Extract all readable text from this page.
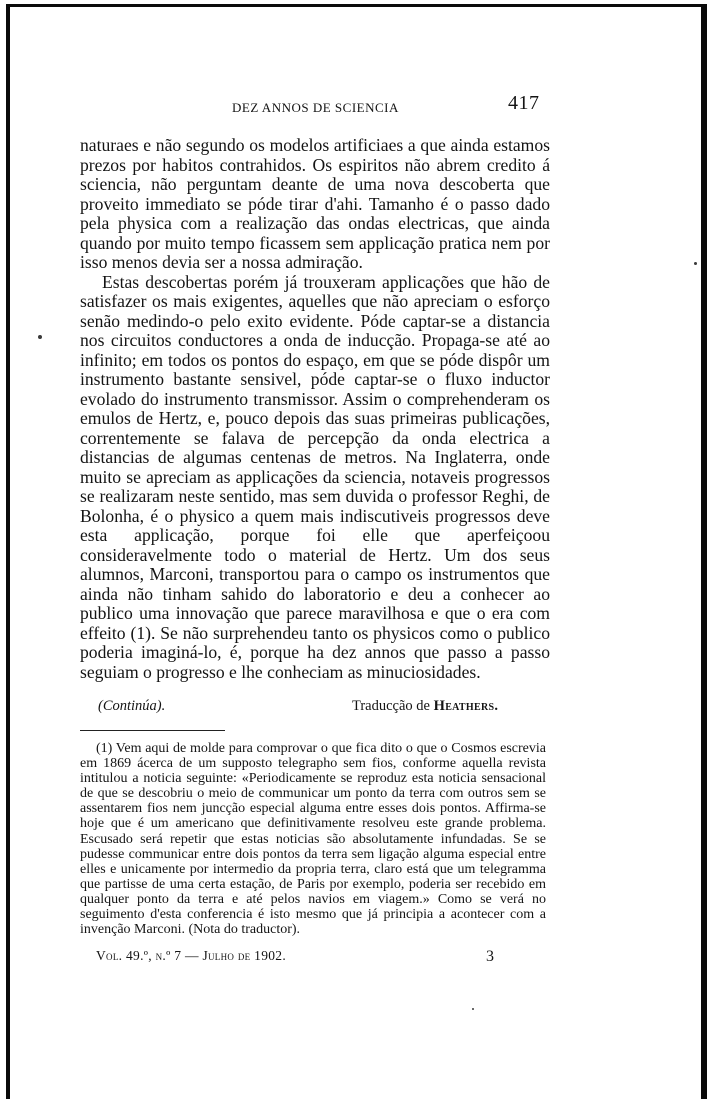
DEZ ANNOS DE SCIENCIA	417

naturaes e não segundo os modelos artificiaes a que ainda estamos prezos por habitos contrahidos. Os espiritos não abrem credito á sciencia, não perguntam deante de uma nova descoberta que proveito immediato se póde tirar d'ahi. Tamanho é o passo dado pela physica com a realização das ondas electricas, que ainda quando por muito tempo ficassem sem applicação pratica nem por isso menos devia ser a nossa admiração.

Estas descobertas porém já trouxeram applicações que hão de satisfazer os mais exigentes, aquelles que não apreciam o esforço senão medindo-o pelo exito evidente. Póde captar-se a distancia nos circuitos conductores a onda de inducção. Propaga-se até ao infinito; em todos os pontos do espaço, em que se póde dispôr um instrumento bastante sensivel, póde captar-se o fluxo inductor evolado do instrumento transmissor. Assim o comprehenderam os emulos de Hertz, e, pouco depois das suas primeiras publicações, correntemente se falava de percepção da onda electrica a distancias de algumas centenas de metros. Na Inglaterra, onde muito se apreciam as applicações da sciencia, notaveis progressos se realizaram neste sentido, mas sem duvida o professor Reghi, de Bolonha, é o physico a quem mais indiscutiveis progressos deve esta applicação, porque foi elle que aperfeiçoou consideravelmente todo o material de Hertz. Um dos seus alumnos, Marconi, transportou para o campo os instrumentos que ainda não tinham sahido do laboratorio e deu a conhecer ao publico uma innovação que parece maravilhosa e que o era com effeito (1). Se não surprehendeu tanto os physicos como o publico poderia imaginá-lo, é, porque ha dez annos que passo a passo seguiam o progresso e lhe conheciam as minuciosidades.

(Continúa).	Traducção de Heathers.

(1) Vem aqui de molde para comprovar o que fica dito o que o Cosmos escrevia em 1869 ácerca de um supposto telegrapho sem fios, conforme aquella revista intitulou a noticia seguinte: «Periodicamente se reproduz esta noticia sensacional de que se descobriu o meio de communicar um ponto da terra com outros sem se assentarem fios nem juncção especial alguma entre esses dois pontos. Affirma-se hoje que é um americano que definitivamente resolveu este grande problema. Escusado será repetir que estas noticias são absolutamente infundadas. Se se pudesse communicar entre dois pontos da terra sem ligação alguma especial entre elles e unicamente por intermedio da propria terra, claro está que um telegramma que partisse de uma certa estação, de Paris por exemplo, poderia ser recebido em qualquer ponto da terra e até pelos navios em viagem.» Como se verá no seguimento d'esta conferencia é isto mesmo que já principia a acontecer com a invenção Marconi. (Nota do traductor).

Vol. 49.º, n.º 7 — Julho de 1902.	3
